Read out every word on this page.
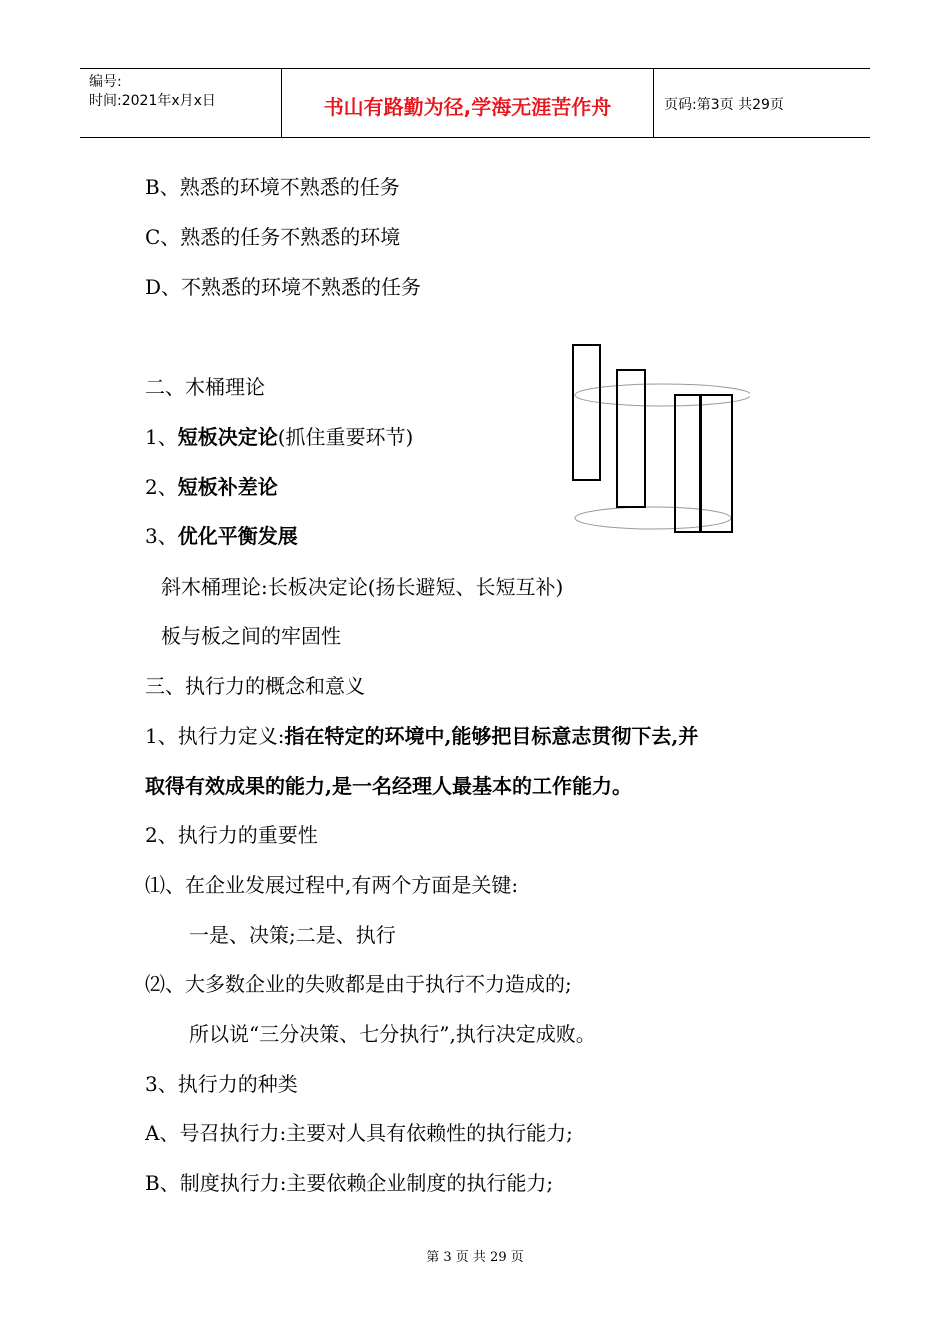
编号:
时间:2021年x月x日	书山有路勤为径,学海无涯苦作舟	页码:第3页 共29页
B、熟悉的环境不熟悉的任务
C、熟悉的任务不熟悉的环境
D、不熟悉的环境不熟悉的任务
二、木桶理论
1、短板决定论(抓住重要环节)
2、短板补差论
3、优化平衡发展
斜木桶理论:长板决定论(扬长避短、长短互补)
板与板之间的牢固性
三、执行力的概念和意义
1、执行力定义:指在特定的环境中,能够把目标意志贯彻下去,并
取得有效成果的能力,是一名经理人最基本的工作能力。
2、执行力的重要性
⑴、在企业发展过程中,有两个方面是关键:
一是、决策;二是、执行
⑵、大多数企业的失败都是由于执行不力造成的;
所以说“三分决策、七分执行”,执行决定成败。
3、执行力的种类
A、号召执行力:主要对人具有依赖性的执行能力;
B、制度执行力:主要依赖企业制度的执行能力;
第 3 页 共 29 页
